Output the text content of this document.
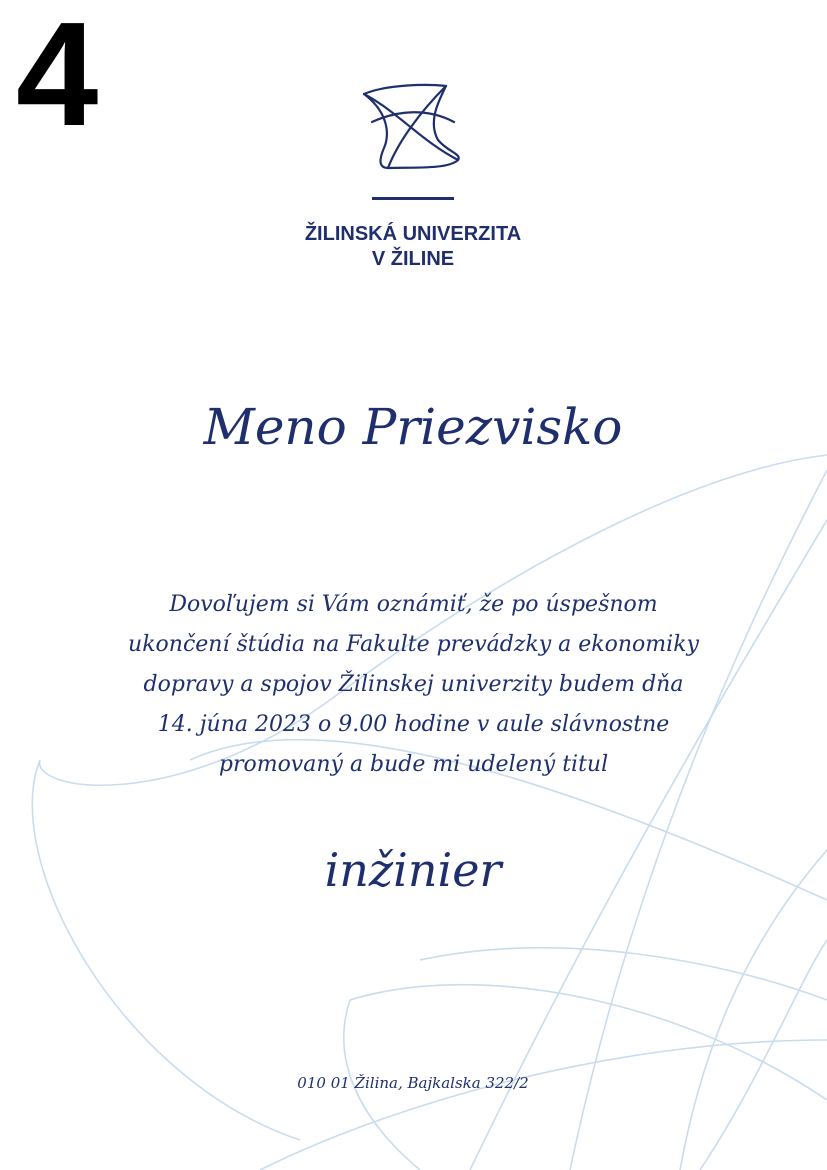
4
ŽILINSKÁ UNIVERZITA
V ŽILINE
Meno Priezvisko
Dovoľujem si Vám oznámiť, že po úspešnom
ukončení štúdia na Fakulte prevádzky a ekonomiky
dopravy a spojov Žilinskej univerzity budem dňa
14. júna 2023 o 9.00 hodine v aule slávnostne
promovaný a bude mi udelený titul
inžinier
010 01 Žilina, Bajkalska 322/2
